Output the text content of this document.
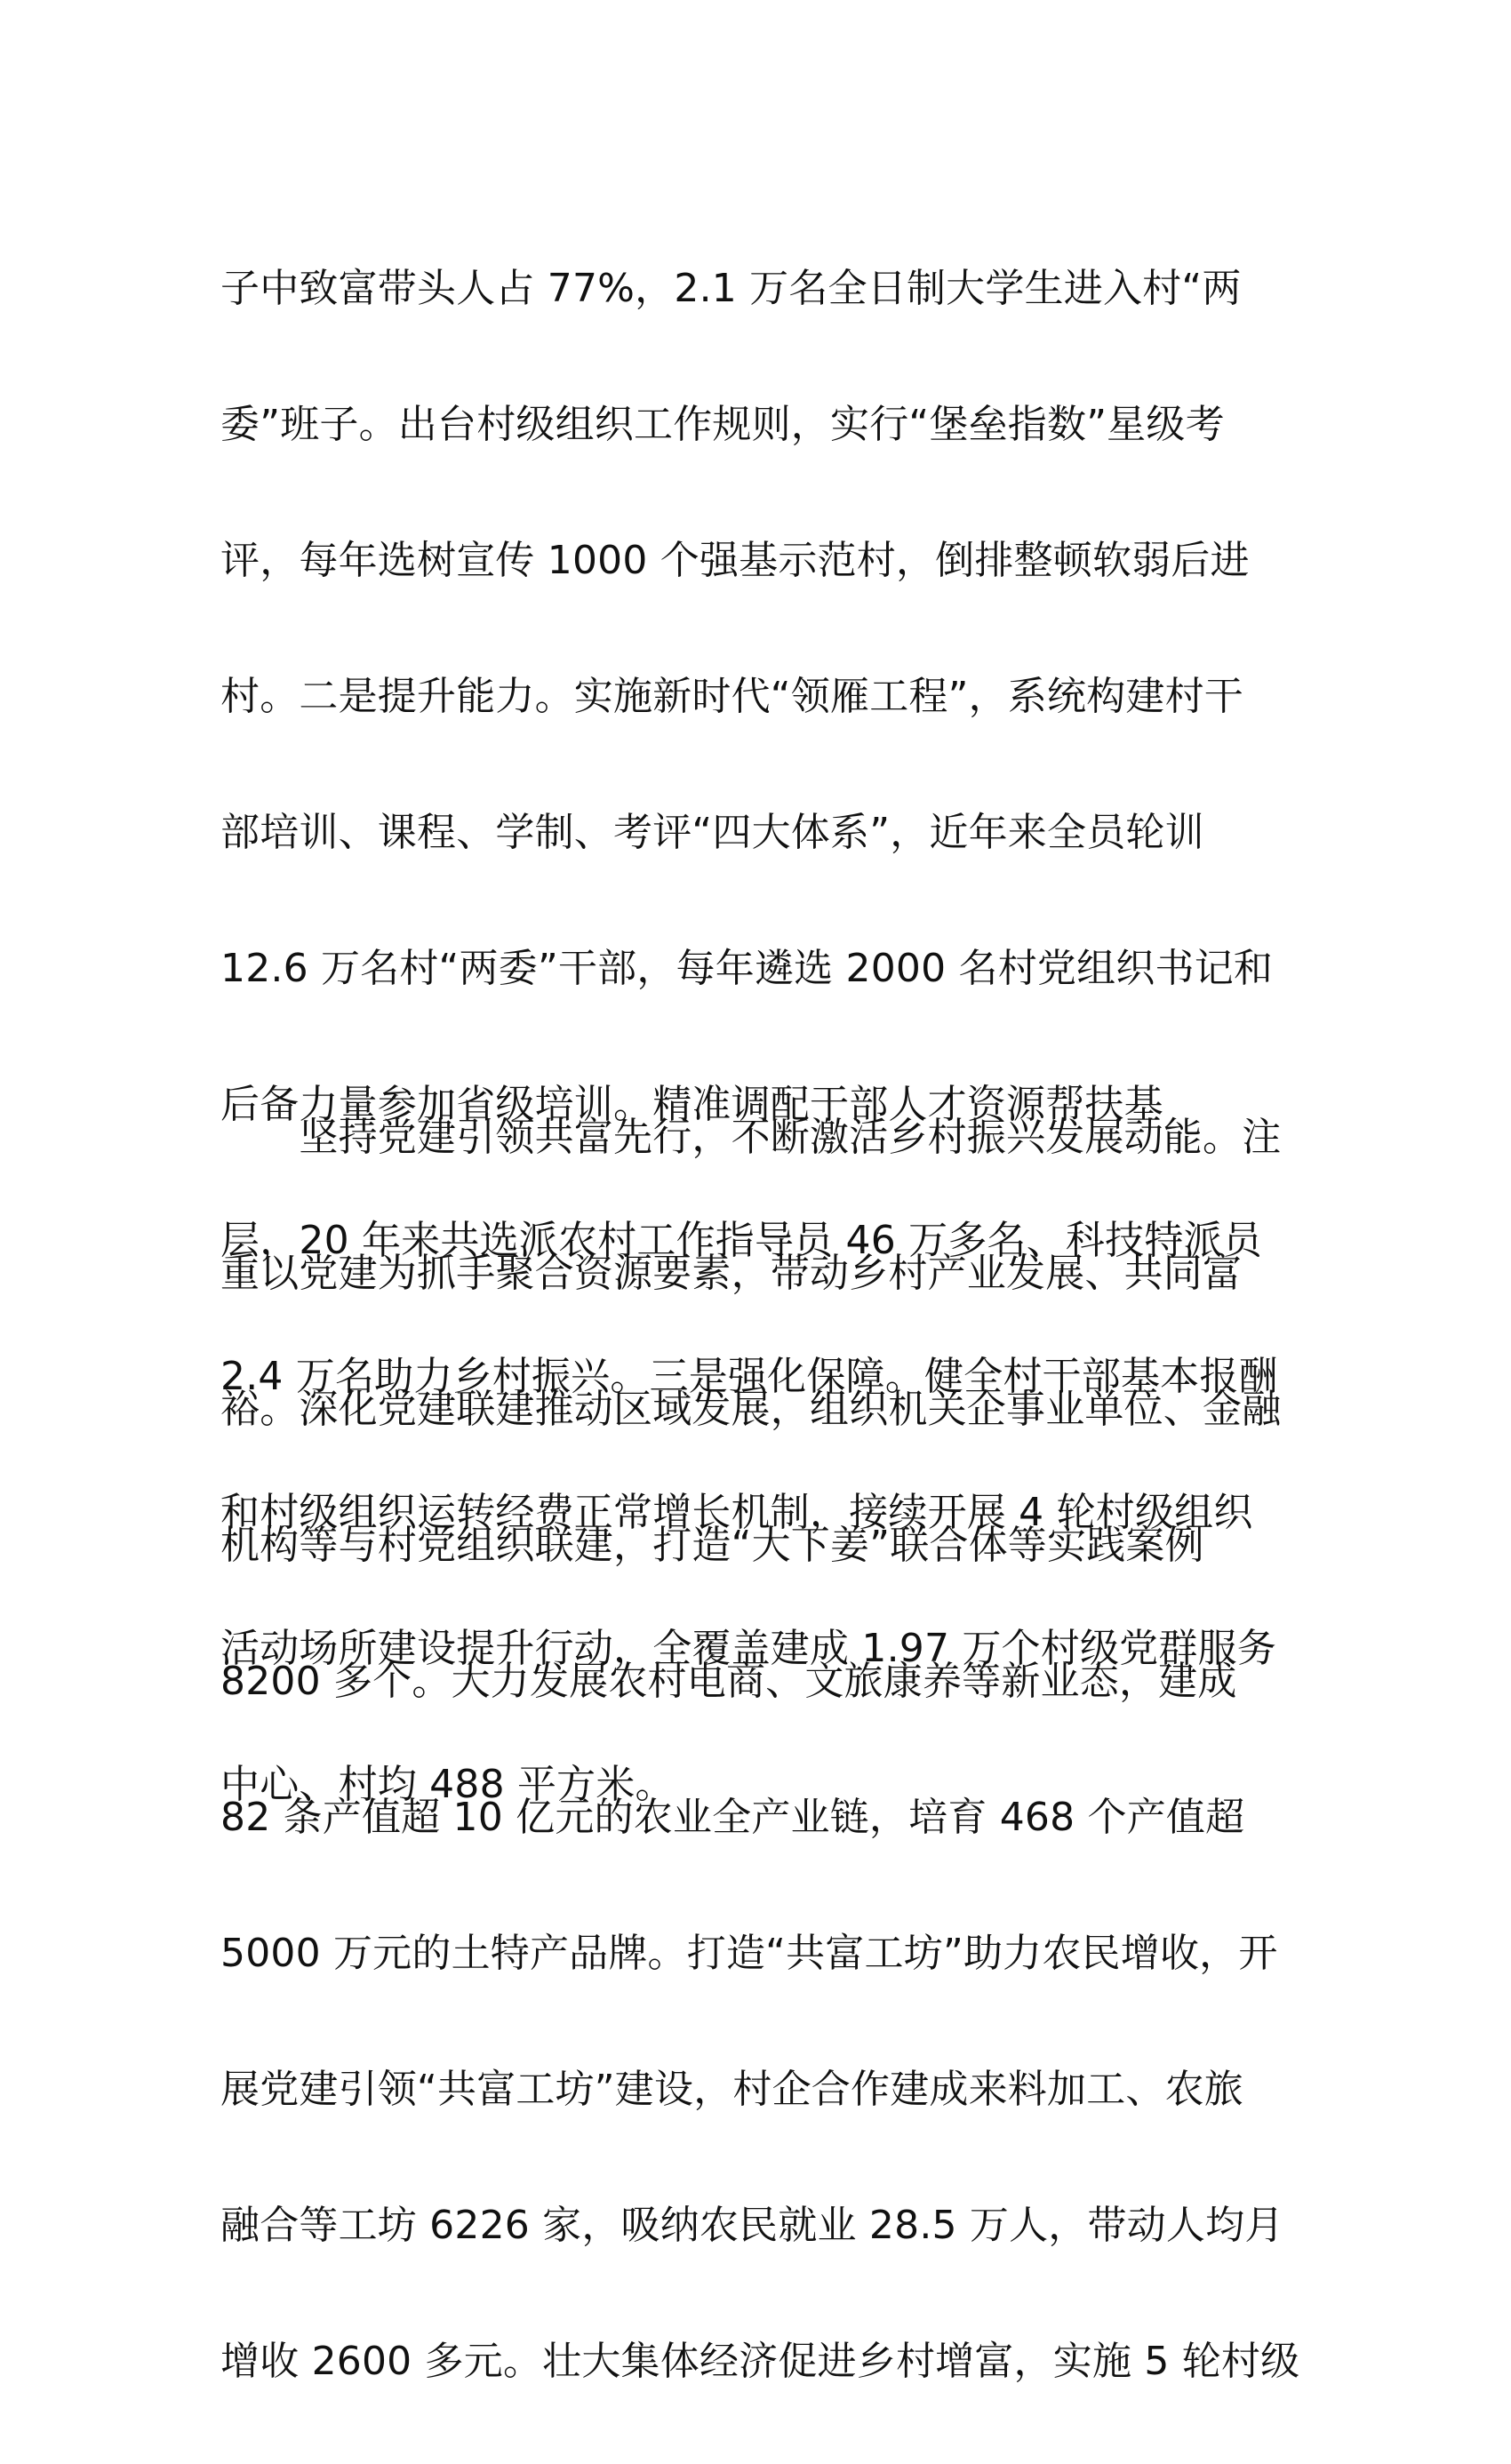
子中致富带头人占 77%，2.1 万名全日制大学生进入村“两

委”班子。出台村级组织工作规则，实行“堡垒指数”星级考

评，每年选树宣传 1000 个强基示范村，倒排整顿软弱后进

村。二是提升能力。实施新时代“领雁工程”，系统构建村干

部培训、课程、学制、考评“四大体系”，近年来全员轮训

12.6 万名村“两委”干部，每年遴选 2000 名村党组织书记和

后备力量参加省级培训。精准调配干部人才资源帮扶基

层，20 年来共选派农村工作指导员 46 万多名、科技特派员

2.4 万名助力乡村振兴。三是强化保障。健全村干部基本报酬

和村级组织运转经费正常增长机制，接续开展 4 轮村级组织

活动场所建设提升行动，全覆盖建成 1.97 万个村级党群服务

中心、村均 488 平方米。

　　坚持党建引领共富先行，不断激活乡村振兴发展动能。注

重以党建为抓手聚合资源要素，带动乡村产业发展、共同富

裕。深化党建联建推动区域发展，组织机关企事业单位、金融

机构等与村党组织联建，打造“大下姜”联合体等实践案例

8200 多个。大力发展农村电商、文旅康养等新业态，建成

82 条产值超 10 亿元的农业全产业链，培育 468 个产值超

5000 万元的土特产品牌。打造“共富工坊”助力农民增收，开

展党建引领“共富工坊”建设，村企合作建成来料加工、农旅

融合等工坊 6226 家，吸纳农民就业 28.5 万人，带动人均月

增收 2600 多元。壮大集体经济促进乡村增富，实施 5 轮村级
